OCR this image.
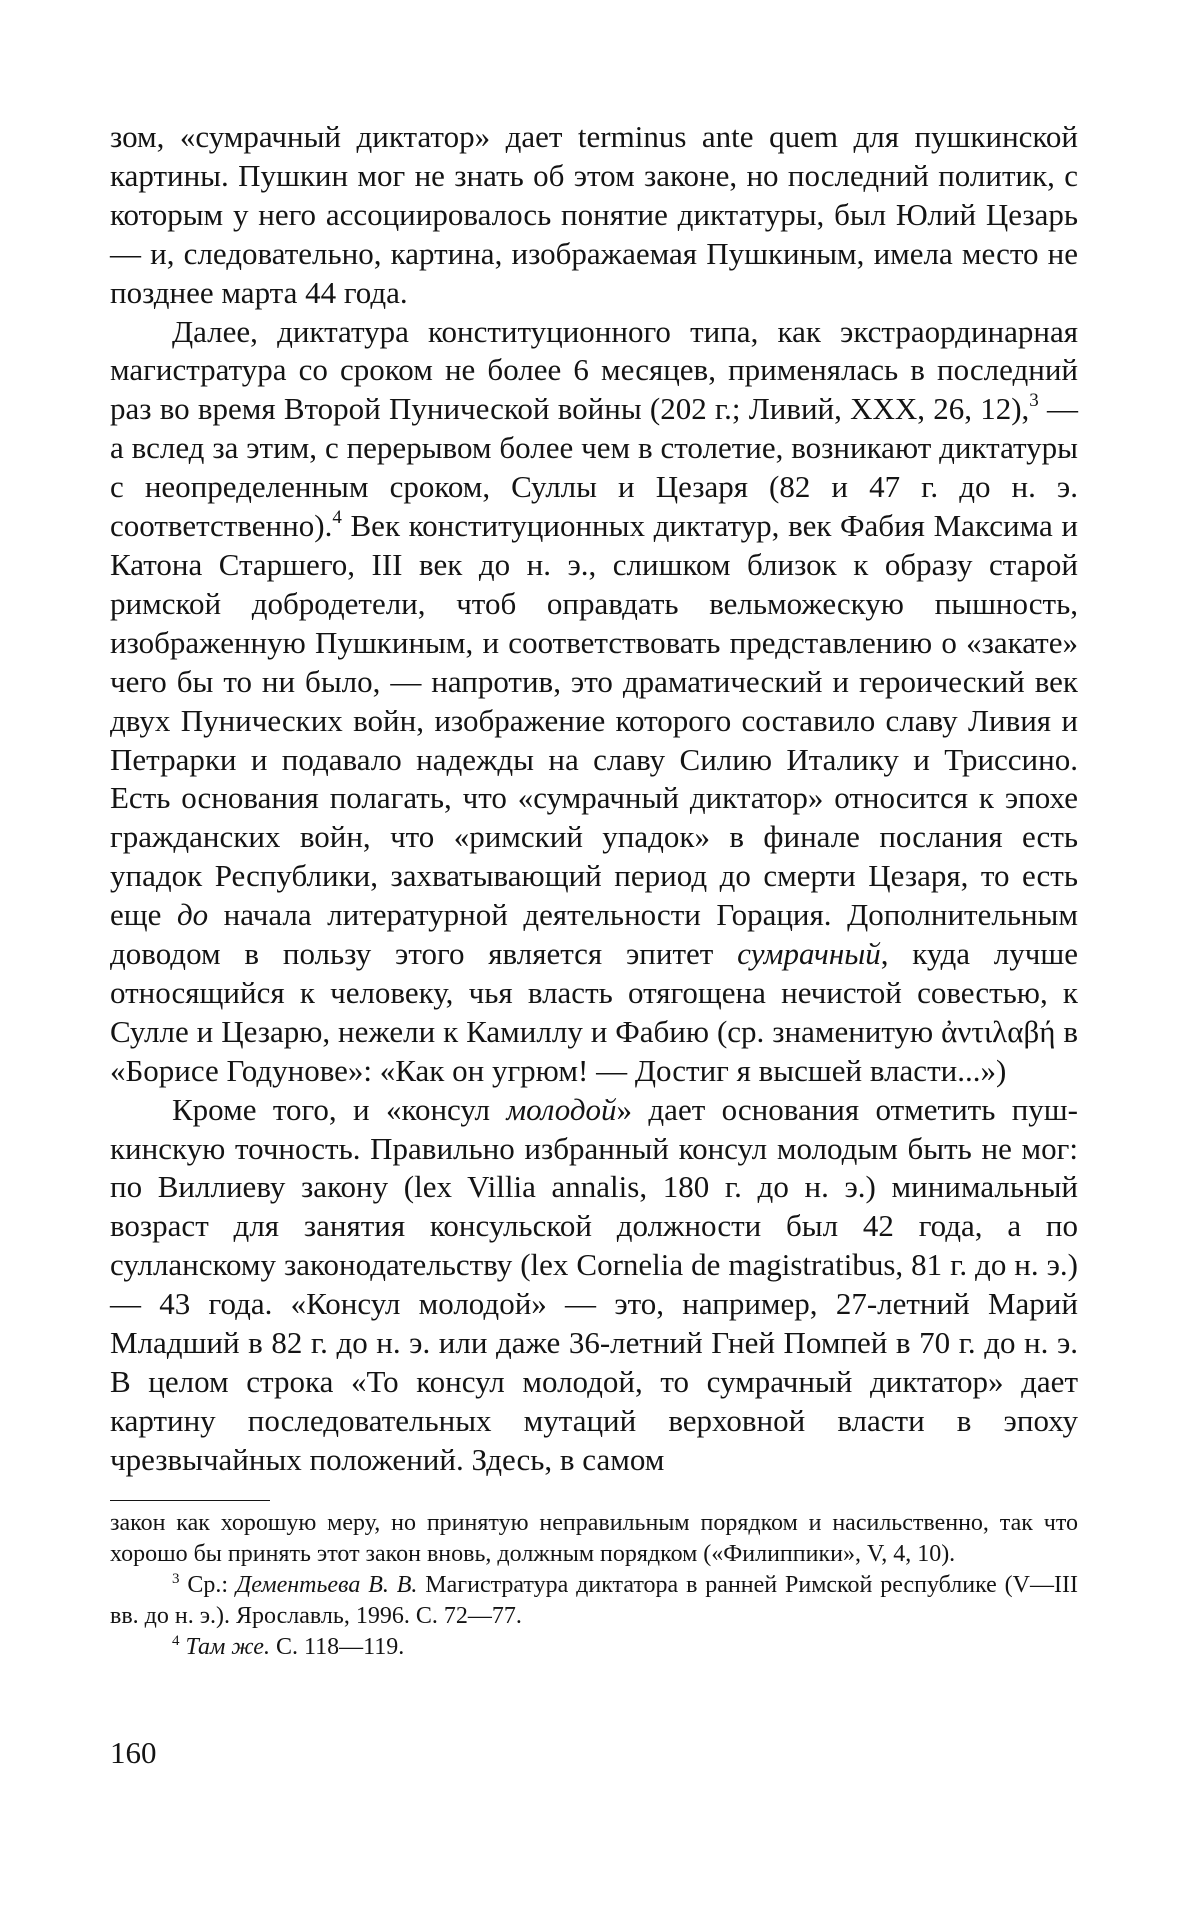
зом, «сумрачный диктатор» дает terminus ante quem для пушкинской картины. Пушкин мог не знать об этом законе, но последний политик, с которым у него ассоциировалось понятие диктатуры, был Юлий Цезарь — и, следовательно, картина, изображаемая Пушкиным, имела место не позднее марта 44 года.

Далее, диктатура конституционного типа, как экстраординарная магистратура со сроком не более 6 месяцев, применялась в последний раз во время Второй Пунической войны (202 г.; Ливий, XXX, 26, 12),$^3$ — а вслед за этим, с перерывом более чем в столетие, возникают диктатуры с неопределенным сроком, Суллы и Цезаря (82 и 47 г. до н. э. соответственно).$^4$ Век конституционных диктатур, век Фабия Максима и Катона Старшего, III век до н. э., слишком близок к образу старой римской добродетели, чтоб оправдать вельможескую пышность, изображенную Пушкиным, и соответствовать представлению о «закате» чего бы то ни было, — напротив, это драматический и героический век двух Пунических войн, изображение которого составило славу Ливия и Петрарки и подавало надежды на славу Силию Италику и Триссино. Есть основания полагать, что «сумрачный диктатор» относится к эпохе гражданских войн, что «римский упадок» в финале послания есть упадок Республики, захватывающий период до смерти Цезаря, то есть еще до начала литературной деятельности Горация. Дополнительным доводом в пользу этого является эпитет сумрачный, куда лучше относящийся к человеку, чья власть отягощена нечистой совестью, к Сулле и Цезарю, нежели к Камиллу и Фабию (ср. знаменитую ἀντιλαβή в «Борисе Годунове»: «Как он угрюм! — Достиг я высшей власти...»)

Кроме того, и «консул молодой» дает основания отметить пушкинскую точность. Правильно избранный консул молодым быть не мог: по Виллиеву закону (lex Villia annalis, 180 г. до н. э.) минимальный возраст для занятия консульской должности был 42 года, а по сулланскому законодательству (lex Cornelia de magistratibus, 81 г. до н. э.) — 43 года. «Консул молодой» — это, например, 27-летний Марий Младший в 82 г. до н. э. или даже 36-летний Гней Помпей в 70 г. до н. э. В целом строка «То консул молодой, то сумрачный диктатор» дает картину последовательных мутаций верховной власти в эпоху чрезвычайных положений. Здесь, в самом

закон как хорошую меру, но принятую неправильным порядком и насильственно, так что хорошо бы принять этот закон вновь, должным порядком («Филиппики», V, 4, 10).

$^3$ Ср.: Дементьева В. В. Магистратура диктатора в ранней Римской республике (V—III вв. до н. э.). Ярославль, 1996. С. 72—77.

$^4$ Там же. С. 118—119.

160
